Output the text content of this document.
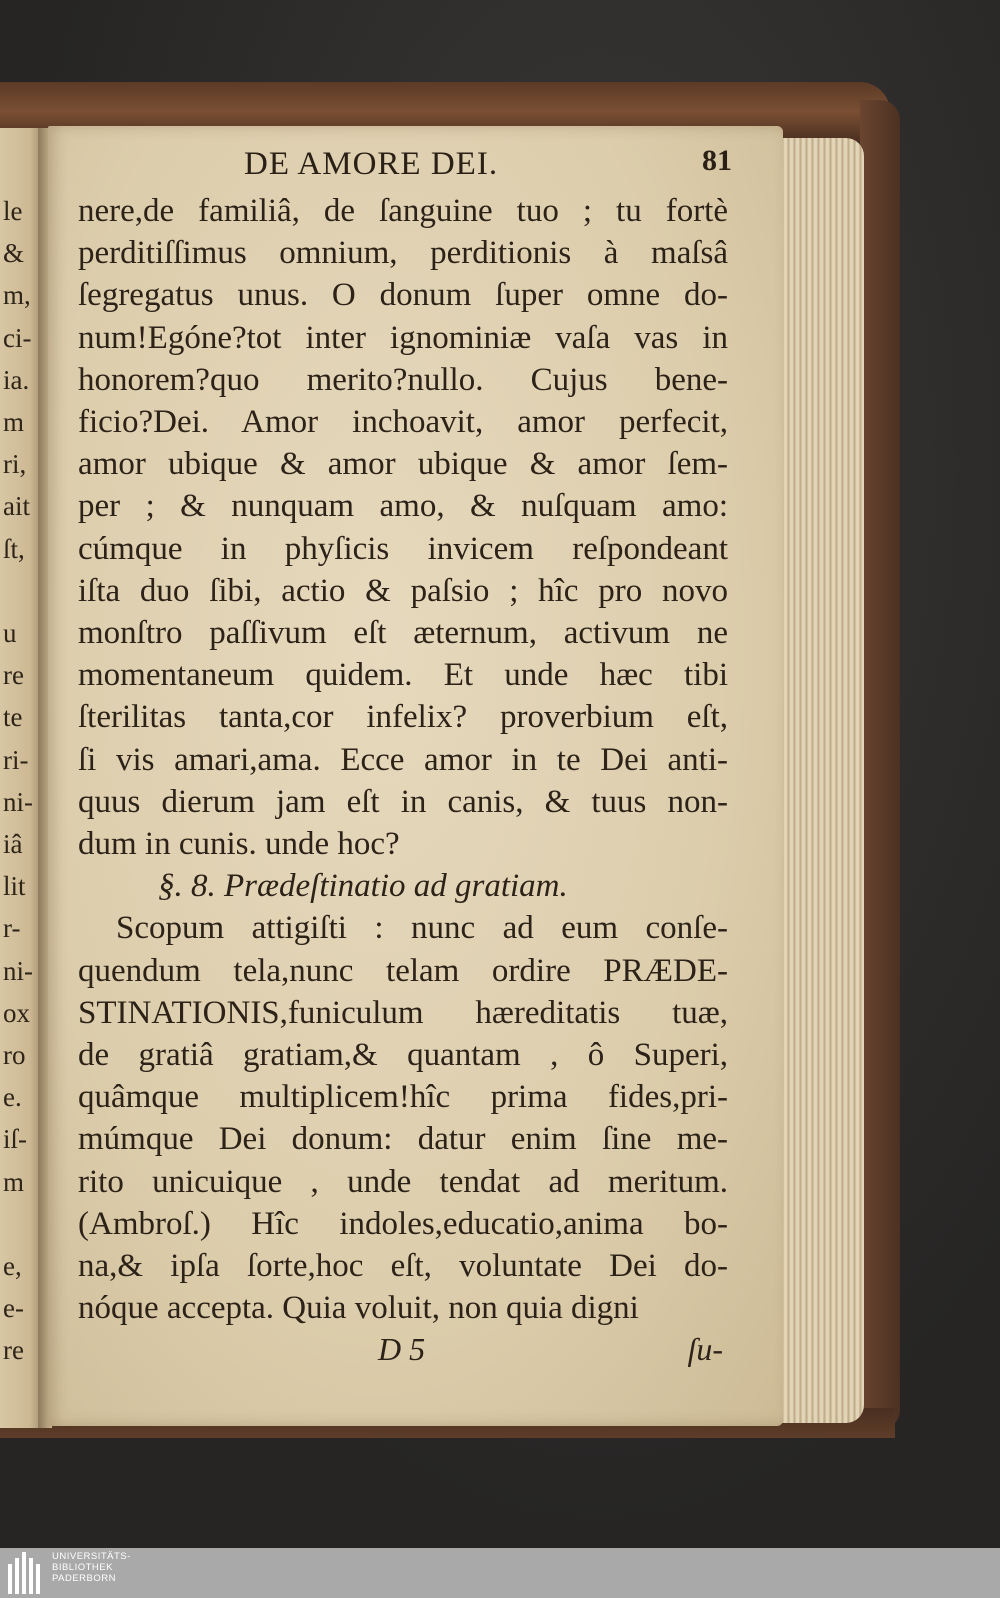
le
&
m,
ci-
ia.
m
ri,
ait
ſt,

u
re
te
ri-
ni-
iâ
lit
r-
ni-
ox
ro
e.
iſ-
m

e,
e-
re
DE AMORE DEI.	81
nere,de familiâ, de ſanguine tuo ; tu fortè
perditiſſimus omnium, perditionis à maſsâ
ſegregatus unus. O donum ſuper omne do-
num!Egóne?tot inter ignominiæ vaſa vas in
honorem?quo merito?nullo. Cujus bene-
ficio?Dei. Amor inchoavit, amor perfecit,
amor ubique & amor ubique & amor ſem-
per ; & nunquam amo, & nuſquam amo:
cúmque in phyſicis invicem reſpondeant
iſta duo ſibi, actio & paſsio ; hîc pro novo
monſtro paſſivum eſt æternum, activum ne
momentaneum quidem. Et unde hæc tibi
ſterilitas tanta,cor infelix? proverbium eſt,
ſi vis amari,ama. Ecce amor in te Dei anti-
quus dierum jam eſt in canis, & tuus non-
dum in cunis. unde hoc?
§. 8. Prædeſtinatio ad gratiam.
Scopum attigiſti : nunc ad eum conſe-
quendum tela,nunc telam ordire PRÆDE-
STINATIONIS,funiculum hæreditatis tuæ,
de gratiâ gratiam,& quantam , ô Superi,
quâmque multiplicem!hîc prima fides,pri-
múmque Dei donum: datur enim ſine me-
rito unicuique , unde tendat ad meritum.
(Ambroſ.) Hîc indoles,educatio,anima bo-
na,& ipſa ſorte,hoc eſt, voluntate Dei do-
nóque accepta. Quia voluit, non quia digni
D 5	ſu-
UNIVERSITÄTS-
BIBLIOTHEK
PADERBORN
